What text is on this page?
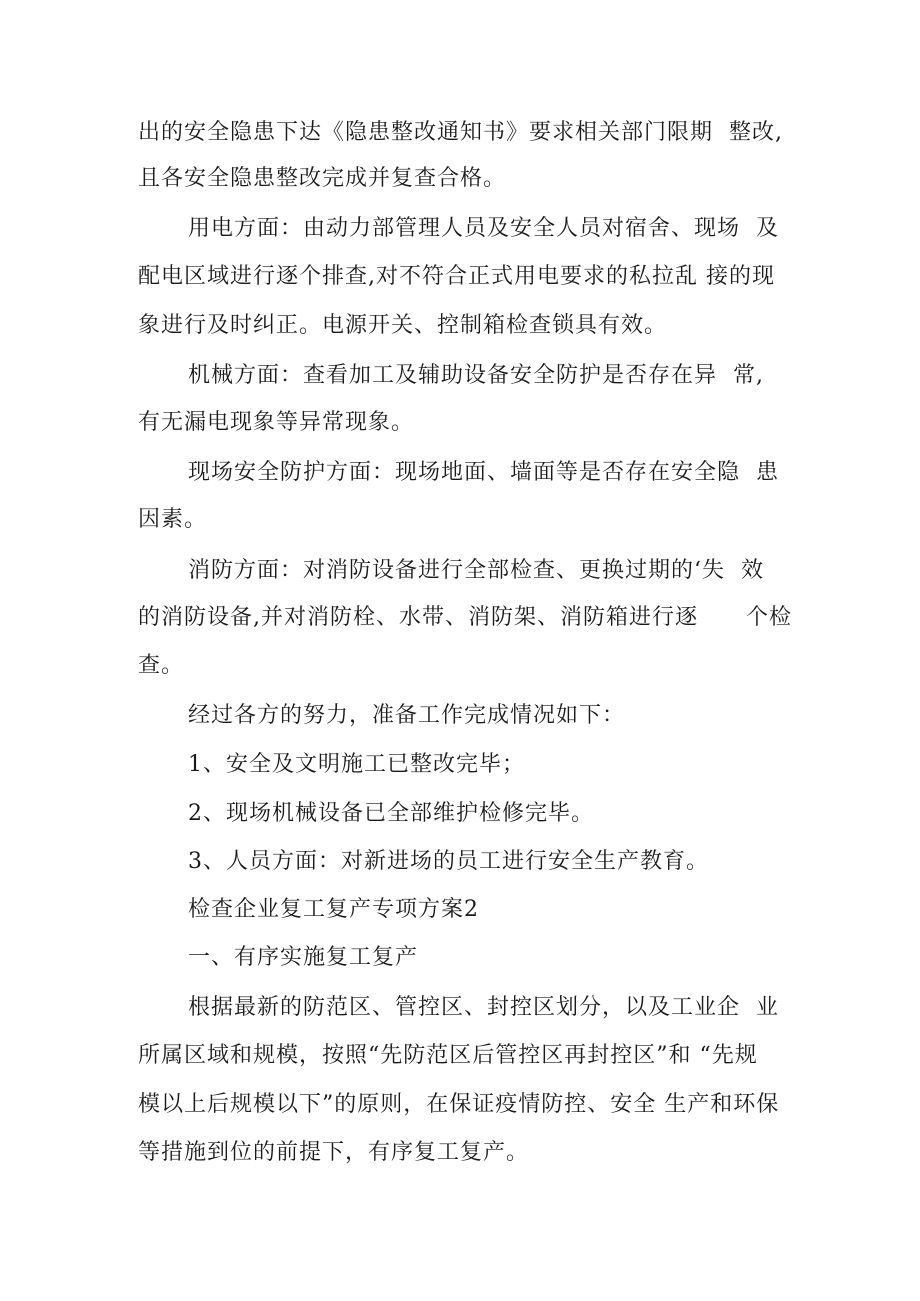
出的安全隐患下达《隐患整改通知书》要求相关部门限期  整改,
且各安全隐患整改完成并复查合格。
用电方面：由动力部管理人员及安全人员对宿舍、现场  及
配电区域进行逐个排查,对不符合正式用电要求的私拉乱 接的现
象进行及时纠正。电源开关、控制箱检查锁具有效。
机械方面：查看加工及辅助设备安全防护是否存在异  常,
有无漏电现象等异常现象。
现场安全防护方面：现场地面、墙面等是否存在安全隐  患
因素。
消防方面：对消防设备进行全部检查、更换过期的‘失  效
的消防设备,并对消防栓、水带、消防架、消防箱进行逐      个检
查。
经过各方的努力，准备工作完成情况如下：
1、安全及文明施工已整改完毕；
2、现场机械设备已全部维护检修完毕。
3、人员方面：对新进场的员工进行安全生产教育。
检查企业复工复产专项方案2
一、有序实施复工复产
根据最新的防范区、管控区、封控区划分，以及工业企  业
所属区域和规模，按照“先防范区后管控区再封控区”和 “先规
模以上后规模以下”的原则，在保证疫情防控、安全 生产和环保
等措施到位的前提下，有序复工复产。
